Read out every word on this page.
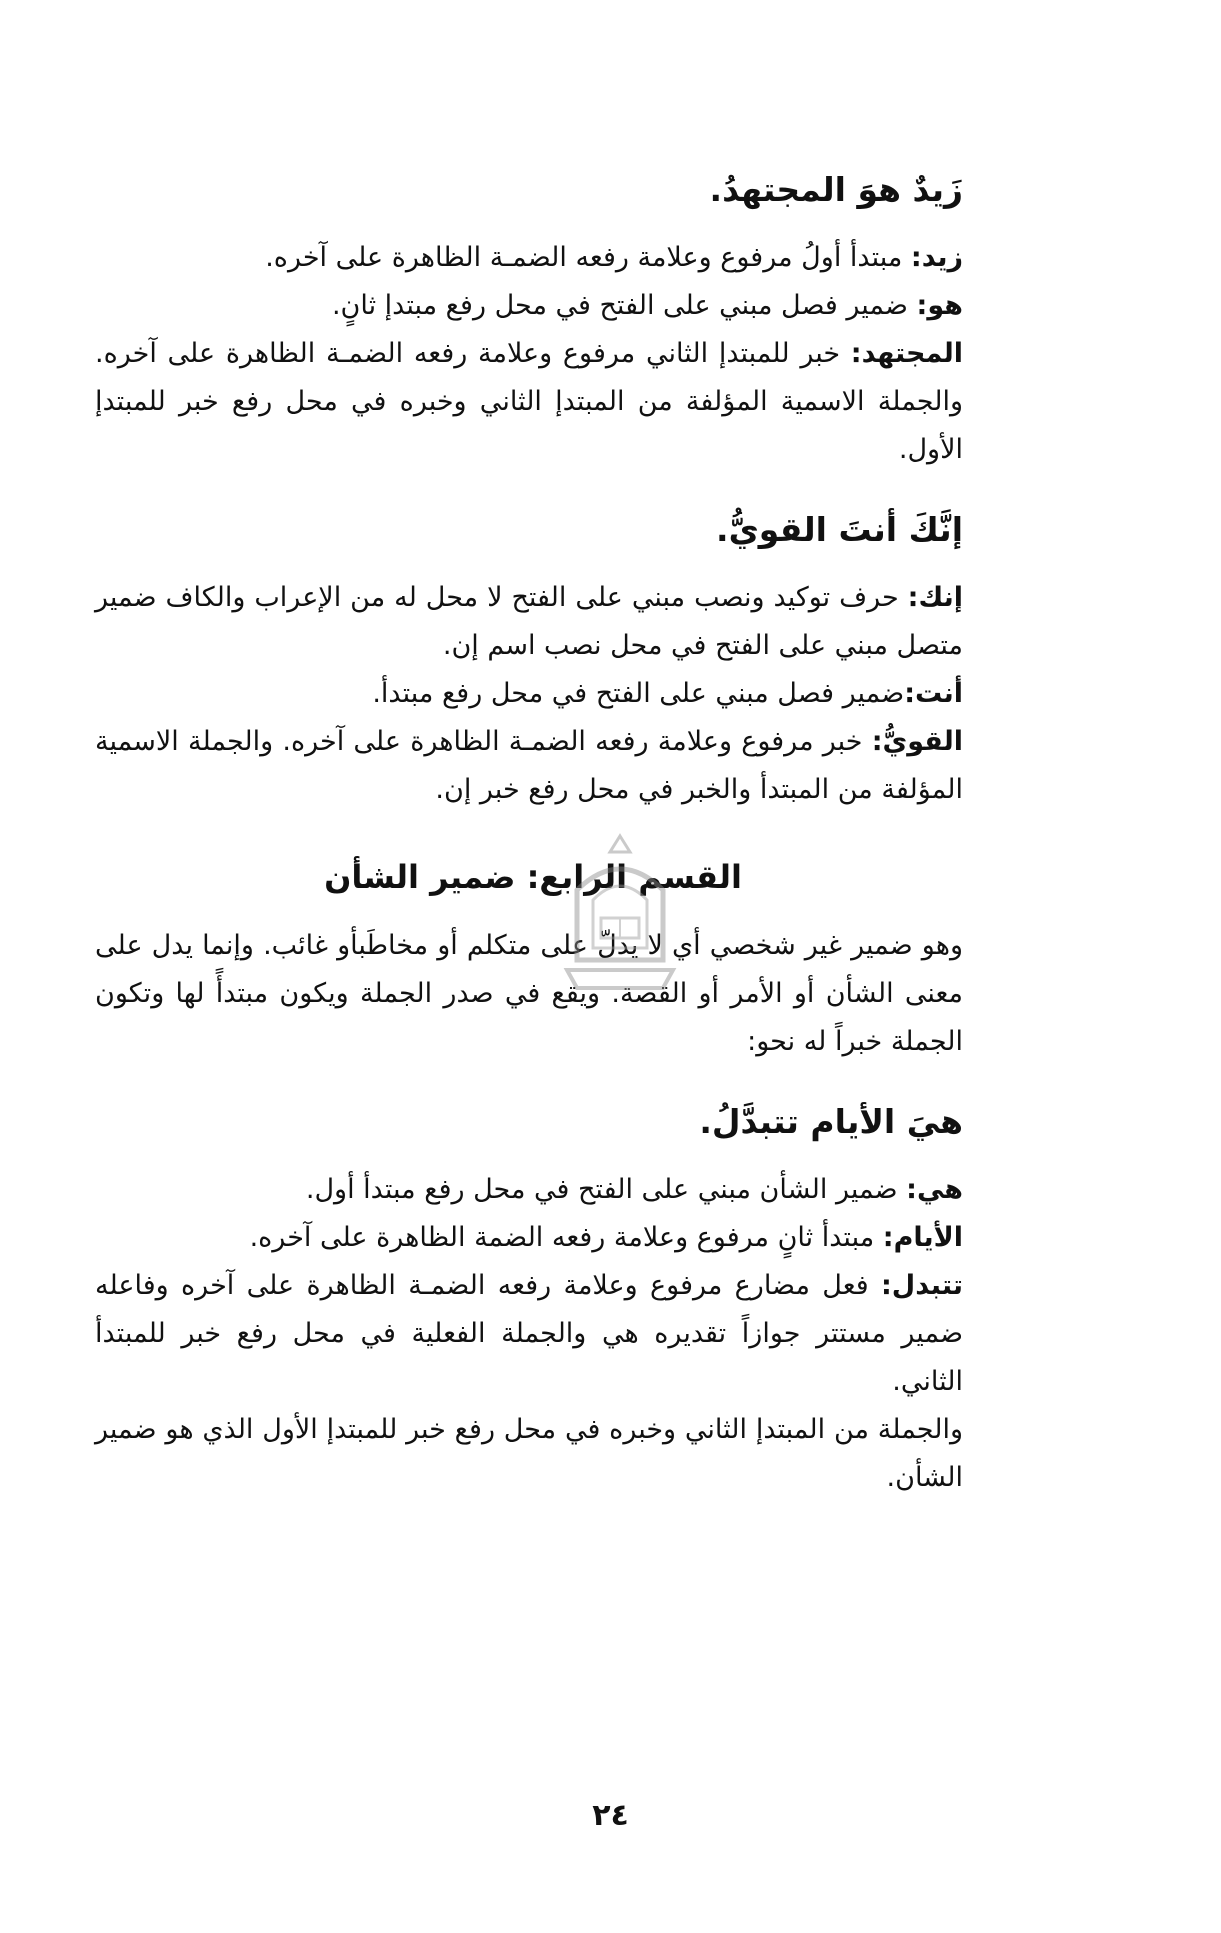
زَيدٌ هوَ المجتهدُ.

زيد: مبتدأ أولُ مرفوع وعلامة رفعه الضمـة الظاهرة على آخره.

هو: ضمير فصل مبني على الفتح في محل رفع مبتدإ ثانٍ.

المجتهد: خبر للمبتدإ الثاني مرفوع وعلامة رفعه الضمـة الظاهرة على آخره. والجملة الاسمية المؤلفة من المبتدإ الثاني وخبره في محل رفع خبر للمبتدإ الأول.

إنَّكَ أنتَ القويُّ.

إنك: حرف توكيد ونصب مبني على الفتح لا محل له من الإعراب والكاف ضمير متصل مبني على الفتح في محل نصب اسم إن.

أنت:ضمير فصل مبني على الفتح في محل رفع مبتدأ.

القويُّ: خبر مرفوع وعلامة رفعه الضمـة الظاهرة على آخره. والجملة الاسمية المؤلفة من المبتدأ والخبر في محل رفع خبر إن.

القسم الرابع: ضمير الشأن

وهو ضمير غير شخصي أي لا يدلّ على متكلم أو مخاطَبأو غائب. وإنما يدل على معنى الشأن أو الأمر أو القصة. ويقع في صدر الجملة ويكون مبتدأً لها وتكون الجملة خبراً له نحو:

هيَ الأيام تتبدَّلُ.

هي: ضمير الشأن مبني على الفتح في محل رفع مبتدأ أول.

الأيام: مبتدأ ثانٍ مرفوع وعلامة رفعه الضمة الظاهرة على آخره.

تتبدل: فعل مضارع مرفوع وعلامة رفعه الضمـة الظاهرة على آخره وفاعله ضمير مستتر جوازاً تقديره هي والجملة الفعلية في محل رفع خبر للمبتدأ الثاني.

والجملة من المبتدإ الثاني وخبره في محل رفع خبر للمبتدإ الأول الذي هو ضمير الشأن.

٢٤
